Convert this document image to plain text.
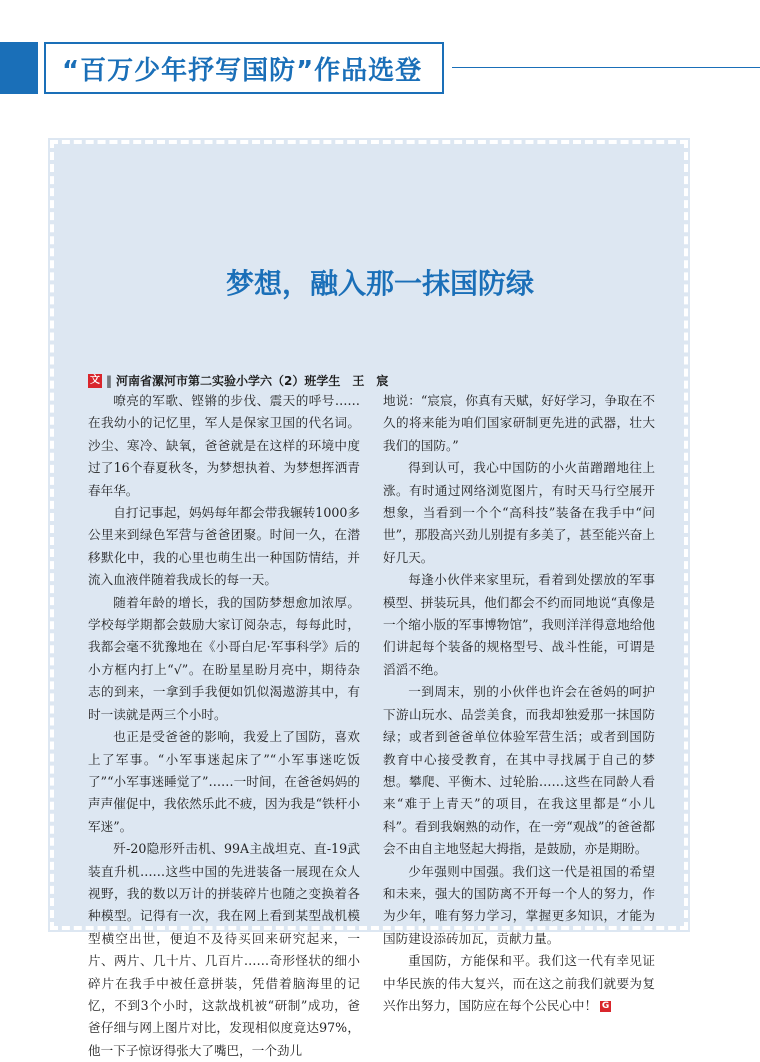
“百万少年抒写国防”作品选登
梦想，融入那一抹国防绿
文 ‖ 河南省漯河市第二实验小学六（2）班学生　王　宸

嘹亮的军歌、铿锵的步伐、震天的呼号……在我幼小的记忆里，军人是保家卫国的代名词。沙尘、寒冷、缺氧，爸爸就是在这样的环境中度过了16个春夏秋冬，为梦想执着、为梦想挥洒青春年华。

自打记事起，妈妈每年都会带我辗转1000多公里来到绿色军营与爸爸团聚。时间一久，在潜移默化中，我的心里也萌生出一种国防情结，并流入血液伴随着我成长的每一天。

随着年龄的增长，我的国防梦想愈加浓厚。学校每学期都会鼓励大家订阅杂志，每每此时，我都会毫不犹豫地在《小哥白尼·军事科学》后的小方框内打上“√”。在盼星星盼月亮中，期待杂志的到来，一拿到手我便如饥似渴遨游其中，有时一读就是两三个小时。

也正是受爸爸的影响，我爱上了国防，喜欢上了军事。“小军事迷起床了”“小军事迷吃饭了”“小军事迷睡觉了”……一时间，在爸爸妈妈的声声催促中，我依然乐此不疲，因为我是“铁杆小军迷”。

歼-20隐形歼击机、99A主战坦克、直-19武装直升机……这些中国的先进装备一展现在众人视野，我的数以万计的拼装碎片也随之变换着各种模型。记得有一次，我在网上看到某型战机模型横空出世，便迫不及待买回来研究起来，一片、两片、几十片、几百片……奇形怪状的细小碎片在我手中被任意拼装，凭借着脑海里的记忆，不到3个小时，这款战机被“研制”成功，爸爸仔细与网上图片对比，发现相似度竟达97%，他一下子惊讶得张大了嘴巴，一个劲儿

地说：“宸宸，你真有天赋，好好学习，争取在不久的将来能为咱们国家研制更先进的武器，壮大我们的国防。”

得到认可，我心中国防的小火苗蹭蹭地往上涨。有时通过网络浏览图片，有时天马行空展开想象，当看到一个个“高科技”装备在我手中“问世”，那股高兴劲儿别提有多美了，甚至能兴奋上好几天。

每逢小伙伴来家里玩，看着到处摆放的军事模型、拼装玩具，他们都会不约而同地说“真像是一个缩小版的军事博物馆”，我则洋洋得意地给他们讲起每个装备的规格型号、战斗性能，可谓是滔滔不绝。

一到周末，别的小伙伴也许会在爸妈的呵护下游山玩水、品尝美食，而我却独爱那一抹国防绿；或者到爸爸单位体验军营生活；或者到国防教育中心接受教育，在其中寻找属于自己的梦想。攀爬、平衡木、过轮胎……这些在同龄人看来“难于上青天”的项目，在我这里都是“小儿科”。看到我娴熟的动作，在一旁“观战”的爸爸都会不由自主地竖起大拇指，是鼓励，亦是期盼。

少年强则中国强。我们这一代是祖国的希望和未来，强大的国防离不开每一个人的努力，作为少年，唯有努力学习，掌握更多知识，才能为国防建设添砖加瓦，贡献力量。

重国防，方能保和平。我们这一代有幸见证中华民族的伟大复兴，而在这之前我们就要为复兴作出努力，国防应在每个公民心中！ G
